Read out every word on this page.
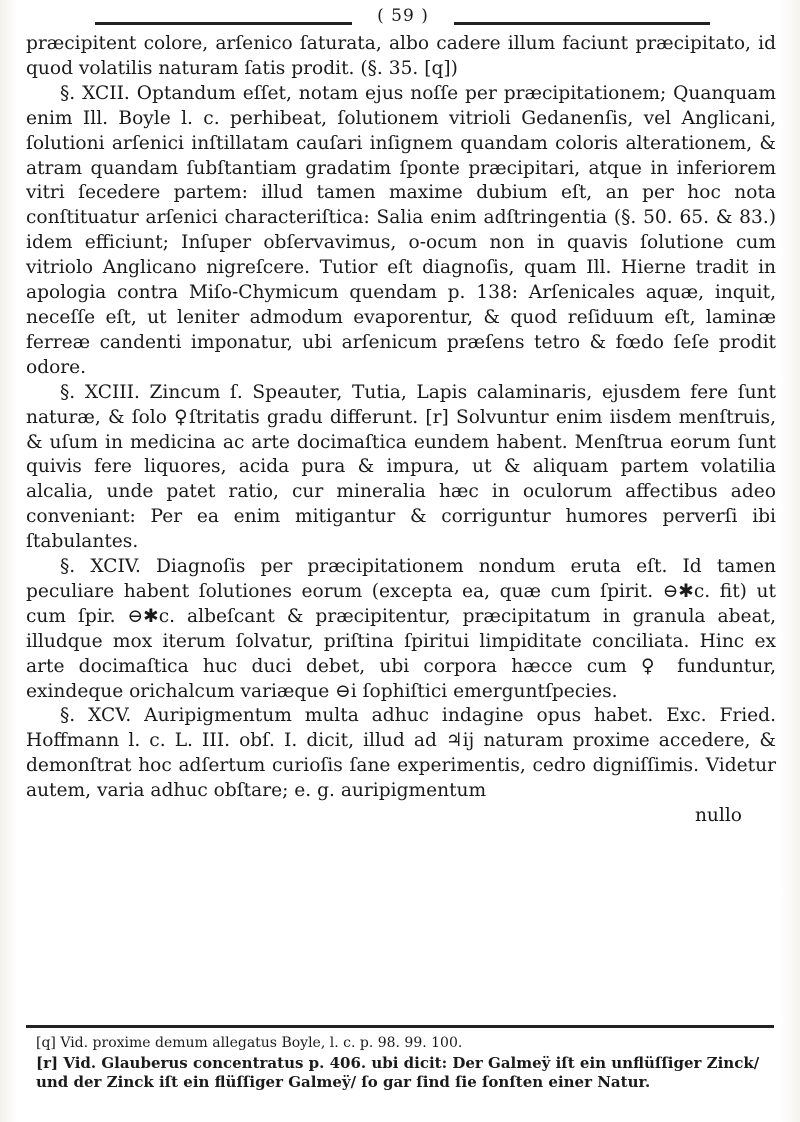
( 59 )

præcipitent colore, arſenico ſaturata, albo cadere illum faciunt præcipitato, id quod volatilis naturam ſatis prodit. (§. 35. [q])

§. XCII. Optandum eſſet, notam ejus noſſe per præcipitationem; Quanquam enim Ill. Boyle l. c. perhibeat, ſolutionem vitrioli Gedanenſis, vel Anglicani, ſolutioni arſenici inſtillatam cauſari inſignem quandam coloris alterationem, & atram quandam ſubſtantiam gradatim ſponte præcipitari, atque in inferiorem vitri ſecedere partem: illud tamen maxime dubium eſt, an per hoc nota conſtituatur arſenici characteriſtica: Salia enim adſtringentia (§. 50. 65. & 83.) idem efficiunt; Inſuper obſervavimus, o-ocum non in quavis ſolutione cum vitriolo Anglicano nigreſcere. Tutior eſt diagnoſis, quam Ill. Hierne tradit in apologia contra Miſo-Chymicum quendam p. 138: Arſenicales aquæ, inquit, neceſſe eſt, ut leniter admodum evaporentur, & quod reſiduum eſt, laminæ ferreæ candenti imponatur, ubi arſenicum præſens tetro & fœdo ſeſe prodit odore.

§. XCIII. Zincum ſ. Speauter, Tutia, Lapis calaminaris, ejusdem fere ſunt naturæ, & ſolo ♀ſtritatis gradu differunt. [r] Solvuntur enim iisdem menſtruis, & uſum in medicina ac arte docimaſtica eundem habent. Menſtrua eorum ſunt quivis fere liquores, acida pura & impura, ut & aliquam partem volatilia alcalia, unde patet ratio, cur mineralia hæc in oculorum affectibus adeo conveniant: Per ea enim mitigantur & corriguntur humores perverſi ibi ſtabulantes.

§. XCIV. Diagnoſis per præcipitationem nondum eruta eſt. Id tamen peculiare habent ſolutiones eorum (excepta ea, quæ cum ſpirit. ⊖✱c. fit) ut cum ſpir. ⊖✱c. albeſcant & præcipitentur, præcipitatum in granula abeat, illudque mox iterum ſolvatur, priſtina ſpiritui limpiditate conciliata. Hinc ex arte docimaſtica huc duci debet, ubi corpora hæcce cum ♀ funduntur, exindeque orichalcum variæque ⊖i ſophiſtici emerguntſpecies.

§. XCV. Auripigmentum multa adhuc indagine opus habet. Exc. Fried. Hoffmann l. c. L. III. obſ. I. dicit, illud ad ♃ij naturam proxime accedere, & demonſtrat hoc adſertum curioſis ſane experimentis, cedro digniſſimis. Videtur autem, varia adhuc obſtare; e. g. auripigmentum

nullo

[q] Vid. proxime demum allegatus Boyle, l. c. p. 98. 99. 100.

[r] Vid. Glauberus concentratus p. 406. ubi dicit: Der Galmeÿ iſt ein unflüſſiger Zinck/ und der Zinck iſt ein flüſſiger Galmeÿ/ ſo gar ſind ſie ſonſten einer Natur.
